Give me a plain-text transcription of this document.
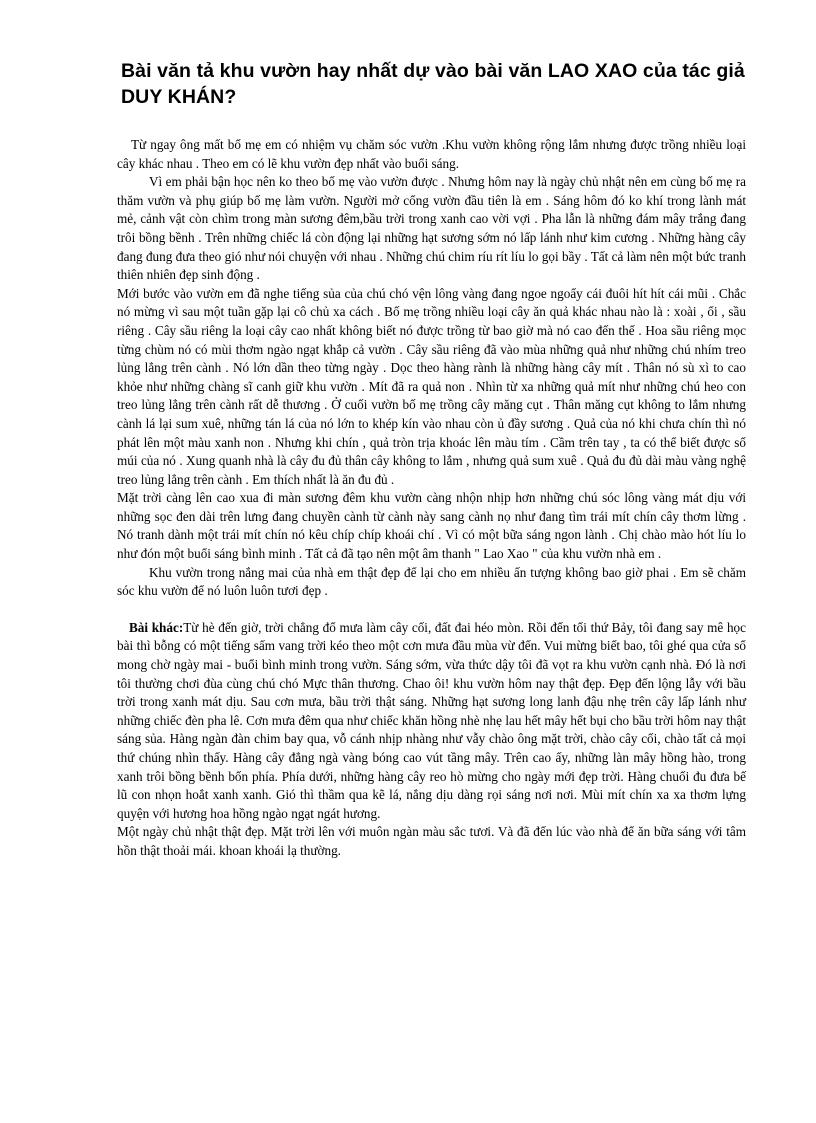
Bài văn tả khu vườn hay nhất dự vào bài văn LAO XAO của tác giả DUY KHÁN?

Từ ngay ông mất bố mẹ em có nhiệm vụ chăm sóc vườn .Khu vườn không rộng lắm nhưng được trồng nhiều loại cây khác nhau . Theo em có lẽ khu vườn đẹp nhất vào buổi sáng.

Vì em phải bận học nên ko theo bố mẹ vào vườn được . Nhưng hôm nay là ngày chủ nhật nên em cùng bố mẹ ra thăm vườn và phụ giúp bố mẹ làm vườn. Người mở cổng vườn đầu tiên là em . Sáng hôm đó ko khí trong lành mát mẻ, cảnh vật còn chìm trong màn sương đêm,bầu trời trong xanh cao vời vợi . Pha lẫn là những đám mây trắng đang trôi bồng bềnh . Trên những chiếc lá còn động lại những hạt sương sớm nó lấp lánh như kim cương . Những hàng cây đang đung đưa theo gió như nói chuyện với nhau . Những chú chim ríu rít líu lo gọi bầy . Tất cả làm nên một bức tranh thiên nhiên đẹp sinh động .

Mới bước vào vườn em đã nghe tiếng sủa của chú chó vện lông vàng đang ngoe ngoẩy cái đuôi hít hít cái mũi . Chắc nó mừng vì sau một tuần gặp lại cô chủ xa cách . Bố mẹ trồng nhiều loại cây ăn quả khác nhau nào là : xoài , ổi , sầu riêng . Cây sầu riêng la loại cây cao nhất không biết nó được trồng từ bao giờ mà nó cao đến thế . Hoa sầu riêng mọc từng chùm nó có mùi thơm ngào ngạt khắp cả vườn . Cây sầu riêng đã vào mùa những quả như những chú nhím treo lủng lẳng trên cành . Nó lớn dần theo từng ngày . Dọc theo hàng rành là những hàng cây mít . Thân nó sù xì to cao khỏe như những chàng sĩ canh giữ khu vườn . Mít đã ra quả non . Nhìn từ xa những quả mít như những chú heo con treo lủng lẳng trên cành rất dễ thương . Ở cuối vườn bố mẹ trồng cây măng cụt . Thân măng cụt không to lắm nhưng cành lá lại sum xuê, những tán lá của nó lớn to khép kín vào nhau còn ủ đầy sương . Quả của nó khi chưa chín thì nó phát lên một màu xanh non . Nhưng khi chín , quả tròn trịa khoác lên màu tím . Cầm trên tay , ta có thể biết được số múi của nó . Xung quanh nhà là cây đu đủ thân cây không to lắm , nhưng quả sum xuê . Quả đu đủ dài màu vàng nghệ treo lủng lẳng trên cành . Em thích nhất là ăn đu đủ .

Mặt trời càng lên cao xua đi màn sương đêm khu vườn càng nhộn nhịp hơn những chú sóc lông vàng mát dịu với những sọc đen dài trên lưng đang chuyền cành từ cành này sang cành nọ như đang tìm trái mít chín cây thơm lừng . Nó tranh dành một trái mít chín nó kêu chíp chíp khoái chí . Vì có một bữa sáng ngon lành . Chị chào mào hót líu lo như đón một buổi sáng bình minh . Tất cả đã tạo nên một âm thanh " Lao Xao " của khu vườn nhà em .

Khu vườn trong nắng mai của nhà em thật đẹp để lại cho em nhiều ấn tượng không bao giờ phai . Em sẽ chăm sóc khu vườn để nó luôn luôn tươi đẹp .

Bài khác:Từ hè đến giờ, trời chẳng đổ mưa làm cây cối, đất đai héo mòn. Rồi đến tối thứ Bảy, tôi đang say mê học bài thì bỗng có một tiếng sấm vang trời kéo theo một cơn mưa đầu mùa vừ đến. Vui mừng biết bao, tôi ghé qua cửa sổ mong chờ ngày mai - buổi bình minh trong vườn. Sáng sớm, vừa thức dậy tôi đã vọt ra khu vườn cạnh nhà. Đó là nơi tôi thường chơi đùa cùng chú chó Mực thân thương. Chao ôi! khu vườn hôm nay thật đẹp. Đẹp đến lộng lẫy với bầu trời trong xanh mát dịu. Sau cơn mưa, bầu trời thật sáng. Những hạt sương long lanh đậu nhẹ trên cây lấp lánh như những chiếc đèn pha lê. Cơn mưa đêm qua như chiếc khăn hồng nhè nhẹ lau hết mây hết bụi cho bầu trời hôm nay thật sáng sủa. Hàng ngàn đàn chim bay qua, vỗ cánh nhịp nhàng như vẫy chào ông mặt trời, chào cây cối, chào tất cả mọi thứ chúng nhìn thấy. Hàng cây đẳng ngà vàng bóng cao vút tầng mây. Trên cao ấy, những làn mây hồng hào, trong xanh trôi bồng bềnh bốn phía. Phía dưới, những hàng cây reo hò mừng cho ngày mới đẹp trời. Hàng chuối đu đưa bế lũ con nhọn hoắt xanh xanh. Gió thì thầm qua kẽ lá, nắng dịu dàng rọi sáng nơi nơi. Mùi mít chín xa xa thơm lựng quyện với hương hoa hồng ngào ngạt ngát hương.

Một ngày chủ nhật thật đẹp. Mặt trời lên với muôn ngàn màu sắc tươi. Và đã đến lúc vào nhà để ăn bữa sáng với tâm hồn thật thoải mái. khoan khoái lạ thường.
